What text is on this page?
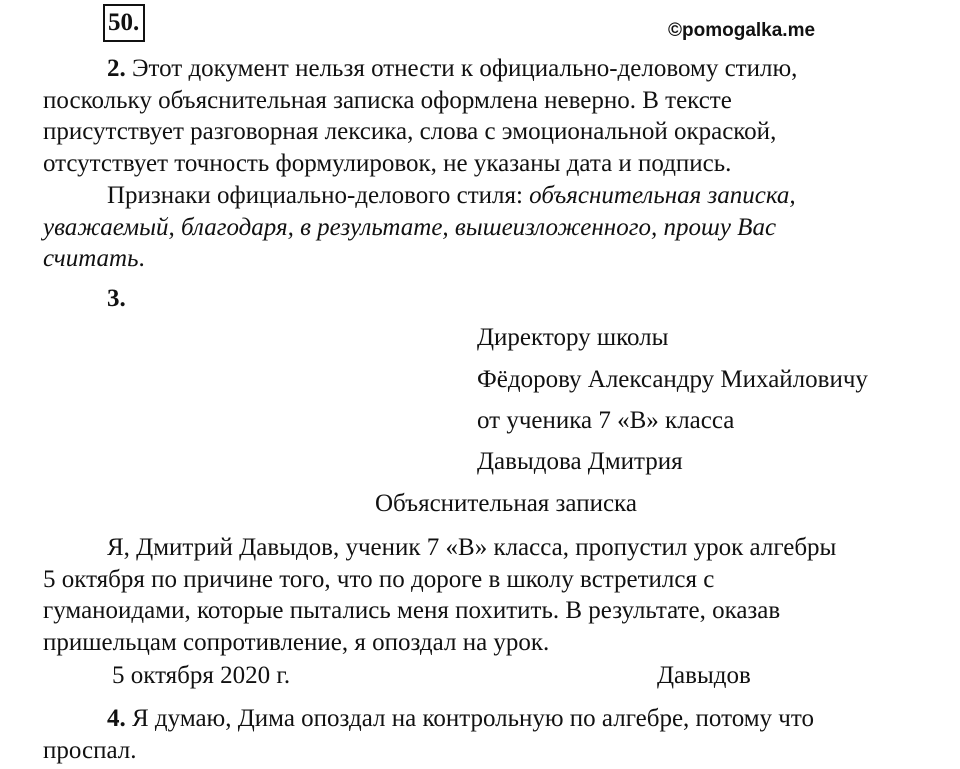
50.	©pomogalka.me
2. Этот документ нельзя отнести к официально-деловому стилю, поскольку объяснительная записка оформлена неверно. В тексте присутствует разговорная лексика, слова с эмоциональной окраской, отсутствует точность формулировок, не указаны дата и подпись.
Признаки официально-делового стиля: объяснительная записка, уважаемый, благодаря, в результате, вышеизложенного, прошу Вас считать.
3.
Директору школы
Фёдорову Александру Михайловичу
от ученика 7 «В» класса
Давыдова Дмитрия
Объяснительная записка
Я, Дмитрий Давыдов, ученик 7 «В» класса, пропустил урок алгебры 5 октября по причине того, что по дороге в школу встретился с гуманоидами, которые пытались меня похитить. В результате, оказав пришельцам сопротивление, я опоздал на урок.
5 октября 2020 г.	Давыдов
4. Я думаю, Дима опоздал на контрольную по алгебре, потому что проспал.
